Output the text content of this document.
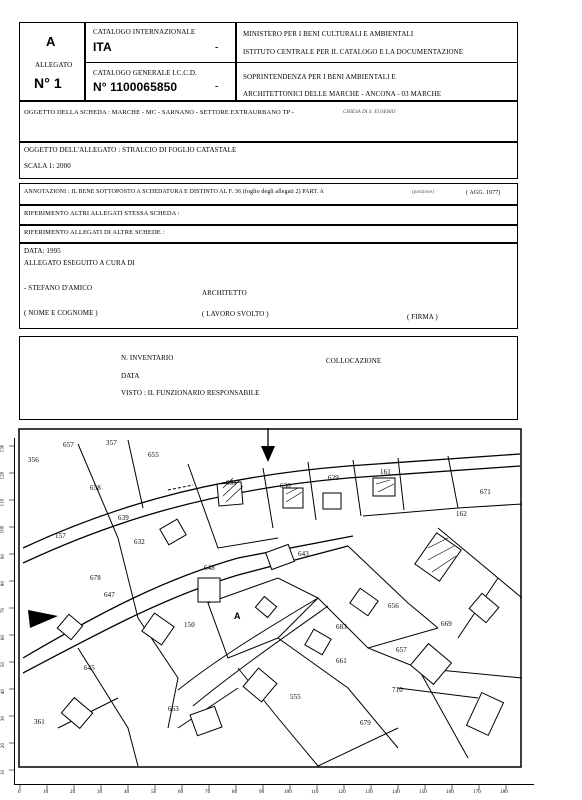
A
ALLEGATO
N° 1
CATALOGO INTERNAZIONALE
ITA	-
CATALOGO GENERALE I.C.C.D.
N° 1100065850	-
MINISTERO PER I BENI CULTURALI E AMBIENTALI
ISTITUTO CENTRALE PER IL CATALOGO E LA DOCUMENTAZIONE
SOPRINTENDENZA PER I BENI AMBIENTALI E
ARCHITETTONICI DELLE MARCHE - ANCONA - 03 MARCHE
OGGETTO DELLA SCHEDA : MARCHE - MC - SARNANO - SETTORE EXTRAURBANO TP -	CHIESA DI S. EUSEBIO
OGGETTO DELL'ALLEGATO : STRALCIO DI FOGLIO CATASTALE
SCALA 1: 2000
ANNOTAZIONI : IL BENE SOTTOPOSTO A SCHEDATURA E DISTINTO AL F. 36 (foglio degli allegati 2) PART. A	(porzione)	( AGG. 1977)
RIFERIMENTO ALTRI ALLEGATI STESSA SCHEDA :
RIFERIMENTO ALLEGATI DI ALTRE SCHEDE :
DATA: 1995
ALLEGATO ESEGUITO A CURA DI
- STEFANO D'AMICO
ARCHITETTO
( NOME E COGNOME )	( LAVORO SVOLTO )	( FIRMA )
N. INVENTARIO	COLLOCAZIONE
DATA
VISTO : IL FUNZIONARIO RESPONSABILE
657	357
655
356
658
631	630
629
161
671
162
639
157
632
643
648
678
647
656
150
A
683	669
657
661
645
710
555
663
679
361
130
120
110
100
90
80
70
60
50
40
30
20
10
0	10	20	30	40	50	60	70	80	90	100	110	120	130	140	150	160	170	180
